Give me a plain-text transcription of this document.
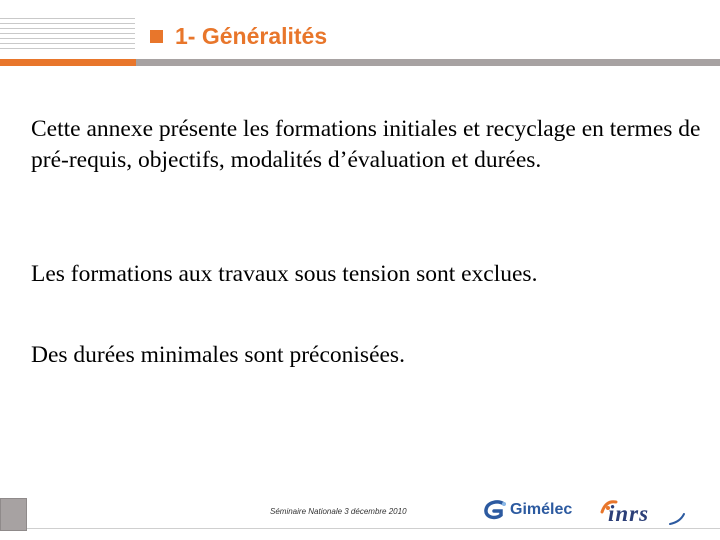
1- Généralités

Cette annexe présente les formations initiales et recyclage en termes de pré-requis, objectifs, modalités d’évaluation et durées.

Les formations aux travaux sous tension sont exclues.

Des durées minimales sont préconisées.

Séminaire Nationale 3 décembre 2010	Gimélec inrs
